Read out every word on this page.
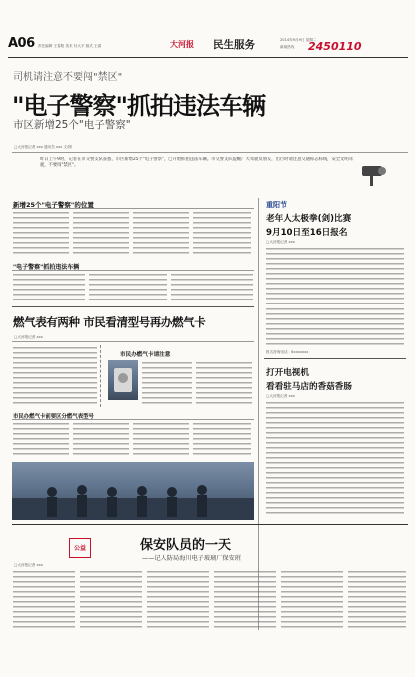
A06 责任编辑 王春阳 美术 付大平 版式 王睿	大河报 民生服务	2014年9月9日 星期二
新闻热线 2450110
司机请注意不要闯"禁区"
"电子警察"抓拍违法车辆
市区新增25个"电子警察"
□大河报记者 xxx 通讯员 xxx 文/图
昨日上午9时，记者在市交警支队获悉，市区新增25个"电子警察"，已开始抓拍违法车辆。市交警支队提醒广大驾驶员朋友，出行时请注意交通标志标线，安全文明驾驶，不要闯"禁区"。
新增25个"电子警察"的位置
"电子警察"抓拍违法车辆
燃气表有两种 市民看清型号再办燃气卡
□大河报记者 xxx
市民办燃气卡请注意
市民办燃气卡前要区分燃气表型号
重阳节
老年人太极拳(剑)比赛
9月10日至16日报名
□大河报记者 xxx
报名咨询电话：6xxxxxxx
打开电视机
看看驻马店的香菇香肠
□大河报记者 xxx
公益	保安队员的一天
——记人防局海川电子玻璃厂保安班
□大河报记者 xxx
